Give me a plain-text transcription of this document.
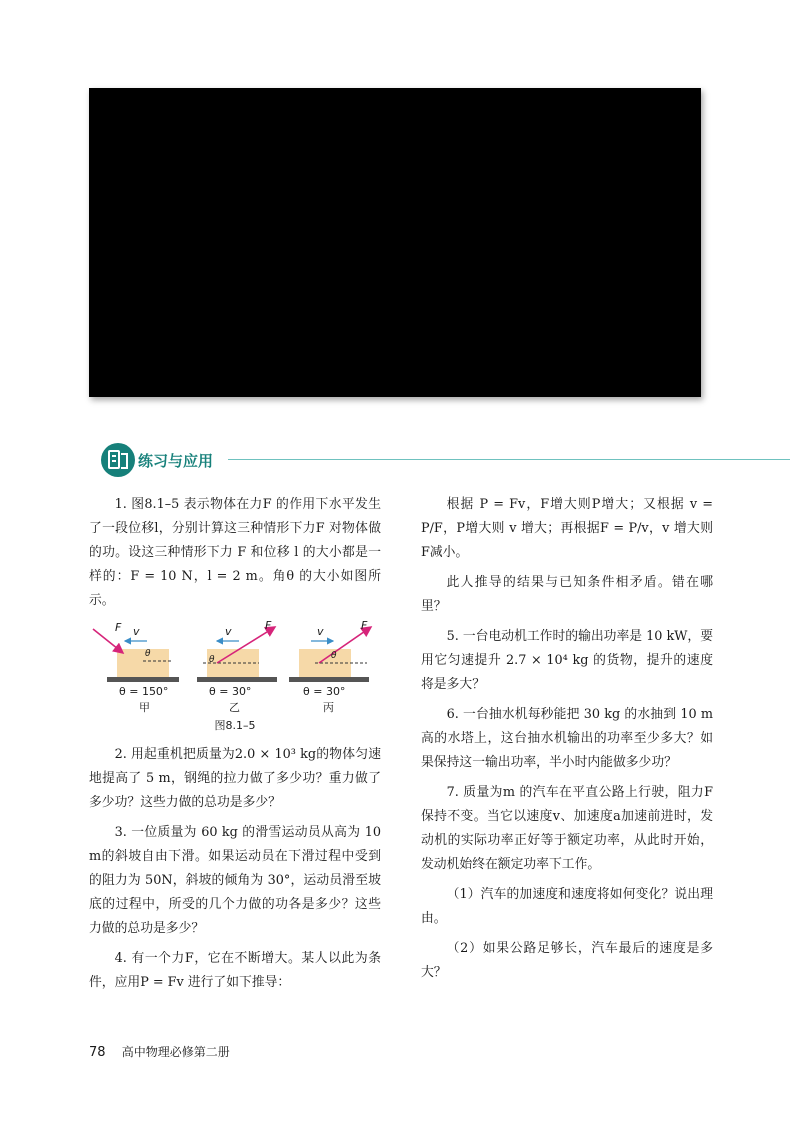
练习与应用

1. 图8.1–5 表示物体在力F 的作用下水平发生了一段位移l，分别计算这三种情形下力F 对物体做的功。设这三种情形下力 F 和位移 l 的大小都是一样的：F = 10 N，l = 2 m。角θ 的大小如图所示。

F v
θ
F
v
θ
F
v
θ
θ = 150°	θ = 30°	θ = 30°
甲	乙	丙
图8.1–5

2. 用起重机把质量为2.0 × 10³ kg的物体匀速地提高了 5 m，钢绳的拉力做了多少功？重力做了多少功？这些力做的总功是多少？

3. 一位质量为 60 kg 的滑雪运动员从高为 10 m的斜坡自由下滑。如果运动员在下滑过程中受到的阻力为 50N，斜坡的倾角为 30°，运动员滑至坡底的过程中，所受的几个力做的功各是多少？这些力做的总功是多少？

4. 有一个力F，它在不断增大。某人以此为条件，应用P = Fv 进行了如下推导：

根据 P = Fv，F增大则P增大；又根据 v = P/F，P增大则 v 增大；再根据F = P/v，v 增大则F减小。

此人推导的结果与已知条件相矛盾。错在哪里？

5. 一台电动机工作时的输出功率是 10 kW，要用它匀速提升 2.7 × 10⁴ kg 的货物，提升的速度将是多大？

6. 一台抽水机每秒能把 30 kg 的水抽到 10 m 高的水塔上，这台抽水机输出的功率至少多大？如果保持这一输出功率，半小时内能做多少功？

7. 质量为m 的汽车在平直公路上行驶，阻力F 保持不变。当它以速度v、加速度a加速前进时，发动机的实际功率正好等于额定功率，从此时开始，发动机始终在额定功率下工作。

（1）汽车的加速度和速度将如何变化？说出理由。

（2）如果公路足够长，汽车最后的速度是多大？

78 高中物理必修第二册
